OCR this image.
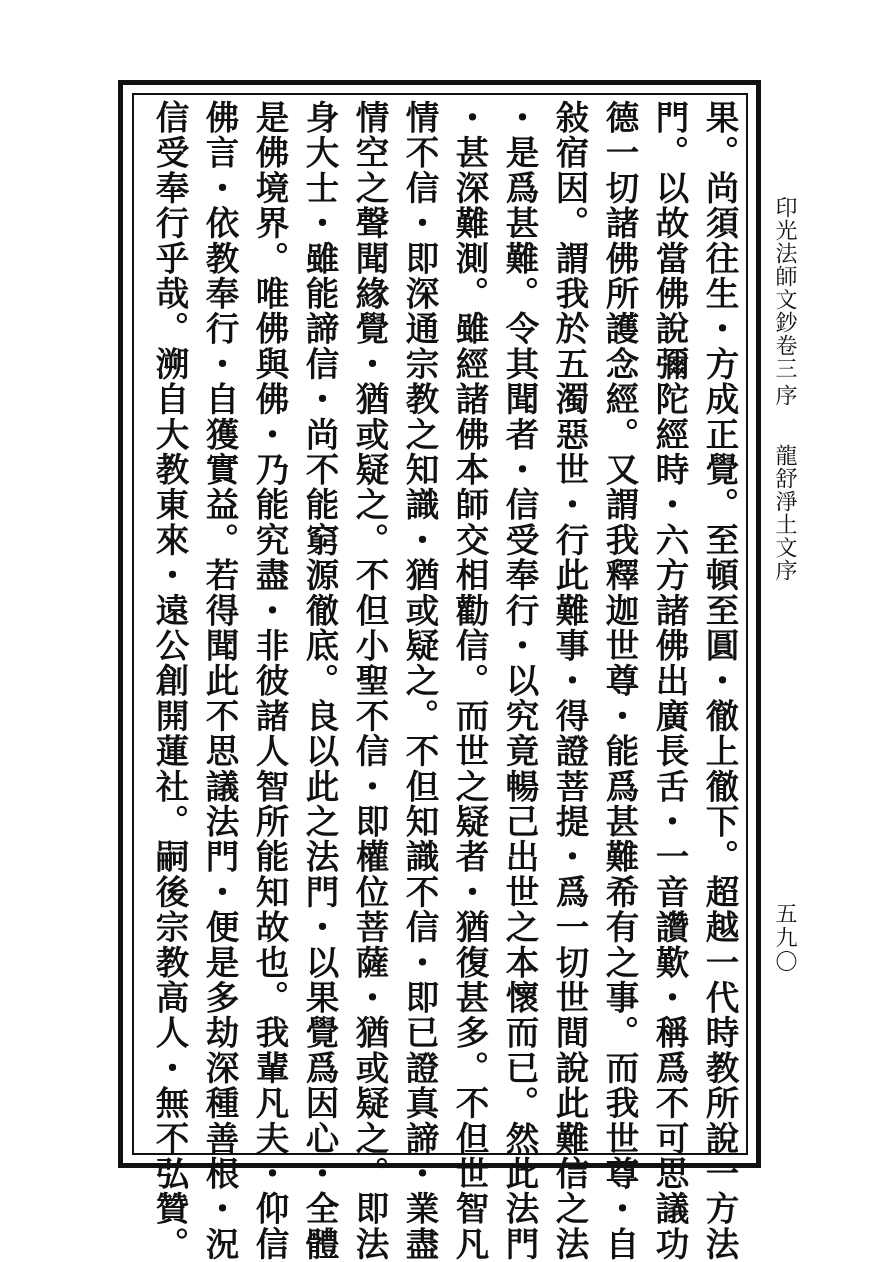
果。尚須往生・方成正覺。至頓至圓・徹上徹下。超越一代時教所說一方法
門。以故當佛說彌陀經時・六方諸佛出廣長舌・一音讚歎・稱爲不可思議功
德一切諸佛所護念經。又謂我釋迦世尊・能爲甚難希有之事。而我世尊・自
敍宿因。謂我於五濁惡世・行此難事・得證菩提・爲一切世間說此難信之法
・是爲甚難。令其聞者・信受奉行・以究竟暢己出世之本懷而已。然此法門
・甚深難測。雖經諸佛本師交相勸信。而世之疑者・猶復甚多。不但世智凡
情不信・即深通宗教之知識・猶或疑之。不但知識不信・即已證真諦・業盡
情空之聲聞緣覺・猶或疑之。不但小聖不信・即權位菩薩・猶或疑之。即法
身大士・雖能諦信・尚不能窮源徹底。良以此之法門・以果覺爲因心・全體
是佛境界。唯佛與佛・乃能究盡・非彼諸人智所能知故也。我輩凡夫・仰信
佛言・依教奉行・自獲實益。若得聞此不思議法門・便是多劫深種善根・況
信受奉行乎哉。溯自大教東來・遠公創開蓮社。嗣後宗教高人・無不弘贊。	印光法師文鈔卷三
序
龍舒淨土文序
五九〇
